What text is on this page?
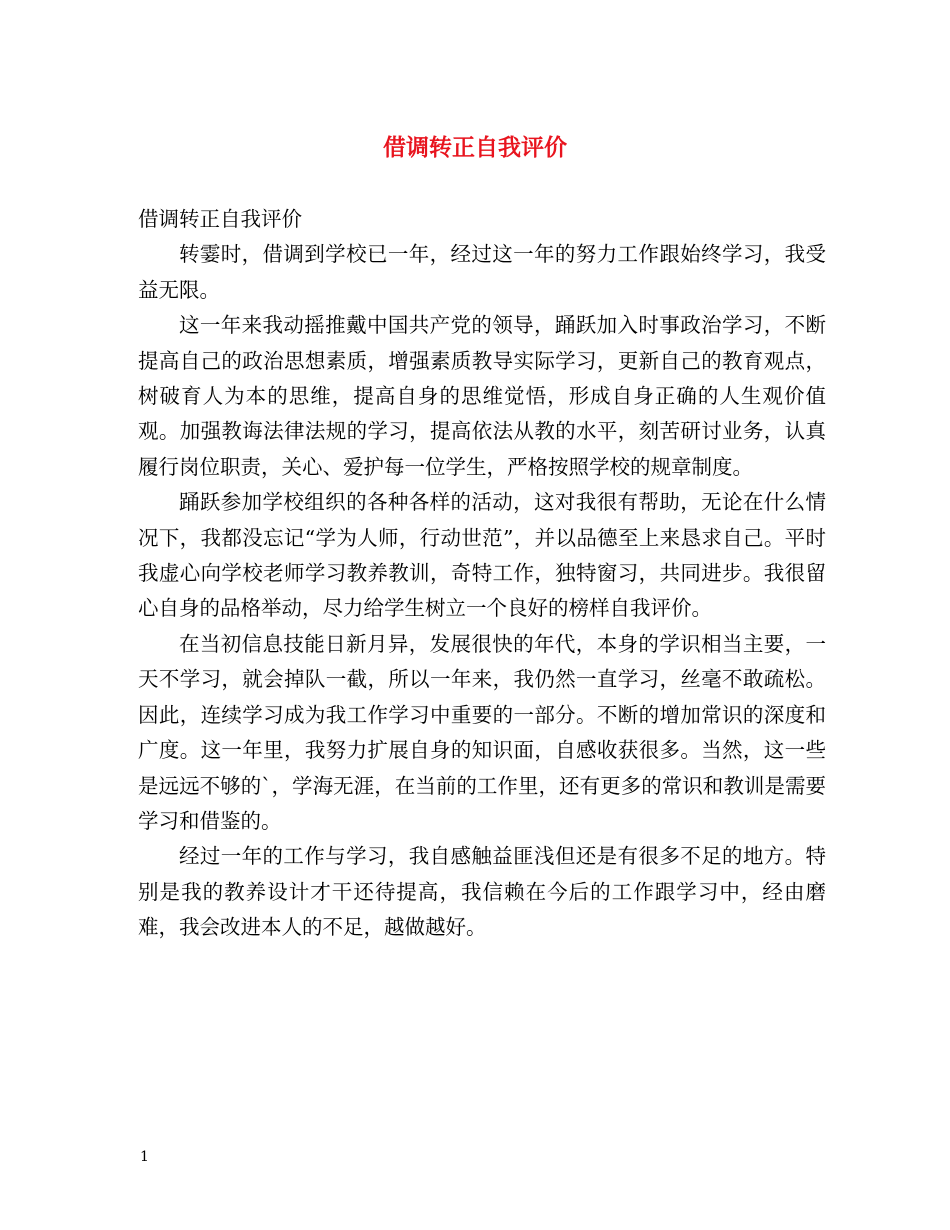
借调转正自我评价

借调转正自我评价

转霎时，借调到学校已一年，经过这一年的努力工作跟始终学习，我受益无限。

这一年来我动摇推戴中国共产党的领导，踊跃加入时事政治学习，不断提高自己的政治思想素质，增强素质教导实际学习，更新自己的教育观点，树破育人为本的思维，提高自身的思维觉悟，形成自身正确的人生观价值观。加强教诲法律法规的学习，提高依法从教的水平，刻苦研讨业务，认真履行岗位职责，关心、爱护每一位学生，严格按照学校的规章制度。

踊跃参加学校组织的各种各样的活动，这对我很有帮助，无论在什么情况下，我都没忘记“学为人师，行动世范”，并以品德至上来恳求自己。平时我虚心向学校老师学习教养教训，奇特工作，独特窗习，共同进步。我很留心自身的品格举动，尽力给学生树立一个良好的榜样自我评价。

在当初信息技能日新月异，发展很快的年代，本身的学识相当主要，一天不学习，就会掉队一截，所以一年来，我仍然一直学习，丝毫不敢疏松。因此，连续学习成为我工作学习中重要的一部分。不断的增加常识的深度和广度。这一年里，我努力扩展自身的知识面，自感收获很多。当然，这一些是远远不够的`，学海无涯，在当前的工作里，还有更多的常识和教训是需要学习和借鉴的。

经过一年的工作与学习，我自感触益匪浅但还是有很多不足的地方。特别是我的教养设计才干还待提高，我信赖在今后的工作跟学习中，经由磨难，我会改进本人的不足，越做越好。

1
